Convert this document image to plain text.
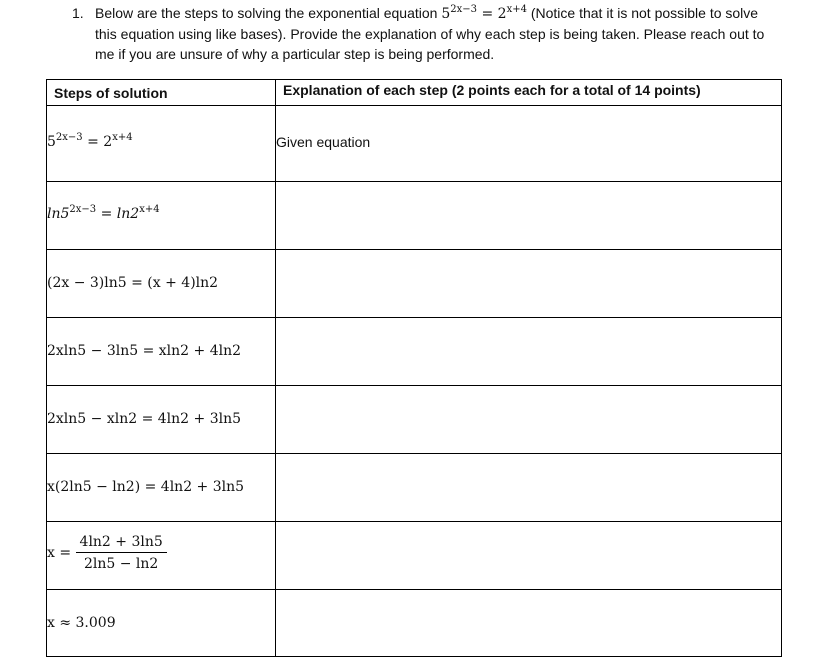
1. Below are the steps to solving the exponential equation $5^{2x-3} = 2^{x+4}$ (Notice that it is not possible to solve this equation using like bases). Provide the explanation of why each step is being taken. Please reach out to me if you are unsure of why a particular step is being performed.
Steps of solution	Explanation of each step (2 points each for a total of 14 points)

$5^{2x-3} = 2^{x+4}$	Given equation

$\ln 5^{2x-3} = \ln 2^{x+4}$

(2x − 3)ln5 = (x + 4)ln2	

2xln5 − 3ln5 = xln2 + 4ln2	

2xln5 − xln2 = 4ln2 + 3ln5	

x(2ln5 − ln2) = 4ln2 + 3ln5	

$x = \frac{4\ln 2 + 3\ln 5}{2\ln 5 - \ln 2}$

x ≈ 3.009	
